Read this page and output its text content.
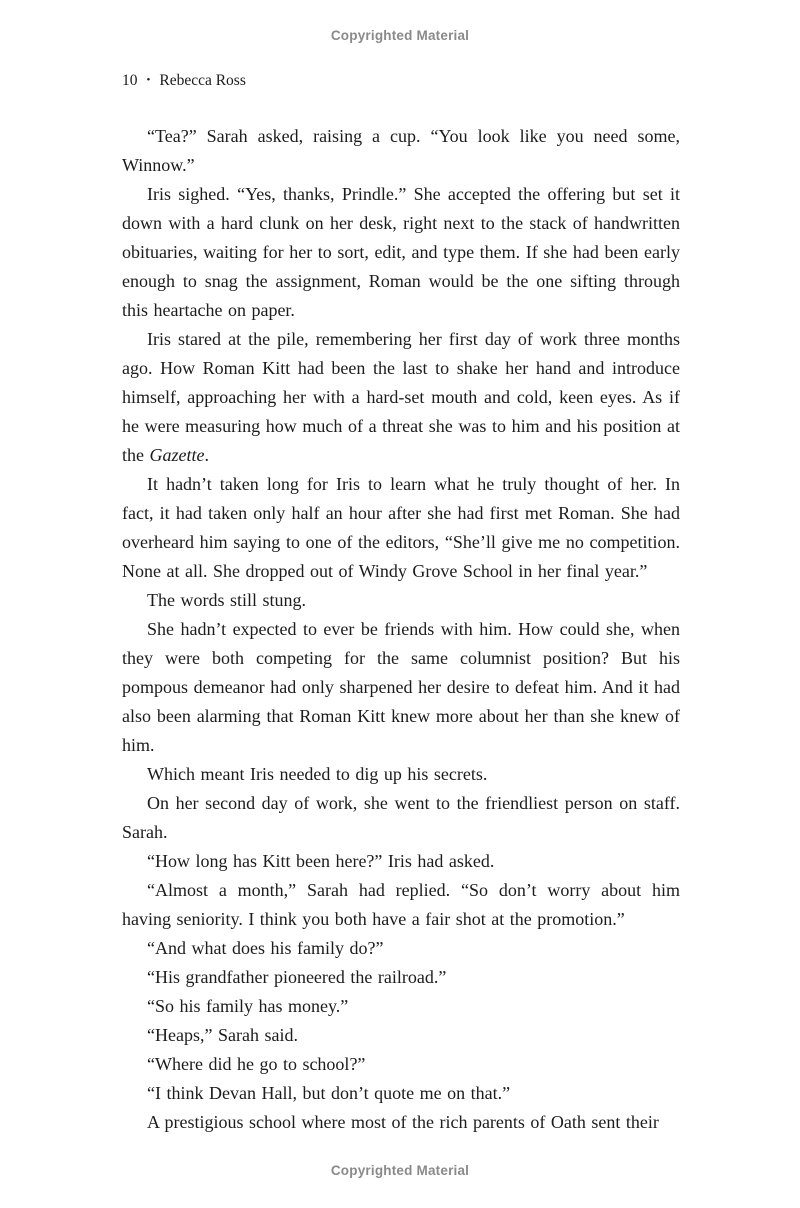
Copyrighted Material
10 • Rebecca Ross

“Tea?” Sarah asked, raising a cup. “You look like you need some, Winnow.”

Iris sighed. “Yes, thanks, Prindle.” She accepted the offering but set it down with a hard clunk on her desk, right next to the stack of handwritten obituaries, waiting for her to sort, edit, and type them. If she had been early enough to snag the assignment, Roman would be the one sifting through this heartache on paper.

Iris stared at the pile, remembering her first day of work three months ago. How Roman Kitt had been the last to shake her hand and introduce himself, approaching her with a hard-set mouth and cold, keen eyes. As if he were measuring how much of a threat she was to him and his position at the Gazette.

It hadn’t taken long for Iris to learn what he truly thought of her. In fact, it had taken only half an hour after she had first met Roman. She had overheard him saying to one of the editors, “She’ll give me no competition. None at all. She dropped out of Windy Grove School in her final year.”

The words still stung.

She hadn’t expected to ever be friends with him. How could she, when they were both competing for the same columnist position? But his pompous demeanor had only sharpened her desire to defeat him. And it had also been alarming that Roman Kitt knew more about her than she knew of him.

Which meant Iris needed to dig up his secrets.

On her second day of work, she went to the friendliest person on staff. Sarah.

“How long has Kitt been here?” Iris had asked.

“Almost a month,” Sarah had replied. “So don’t worry about him having seniority. I think you both have a fair shot at the promotion.”

“And what does his family do?”

“His grandfather pioneered the railroad.”

“So his family has money.”

“Heaps,” Sarah said.

“Where did he go to school?”

“I think Devan Hall, but don’t quote me on that.”

A prestigious school where most of the rich parents of Oath sent their

Copyrighted Material
